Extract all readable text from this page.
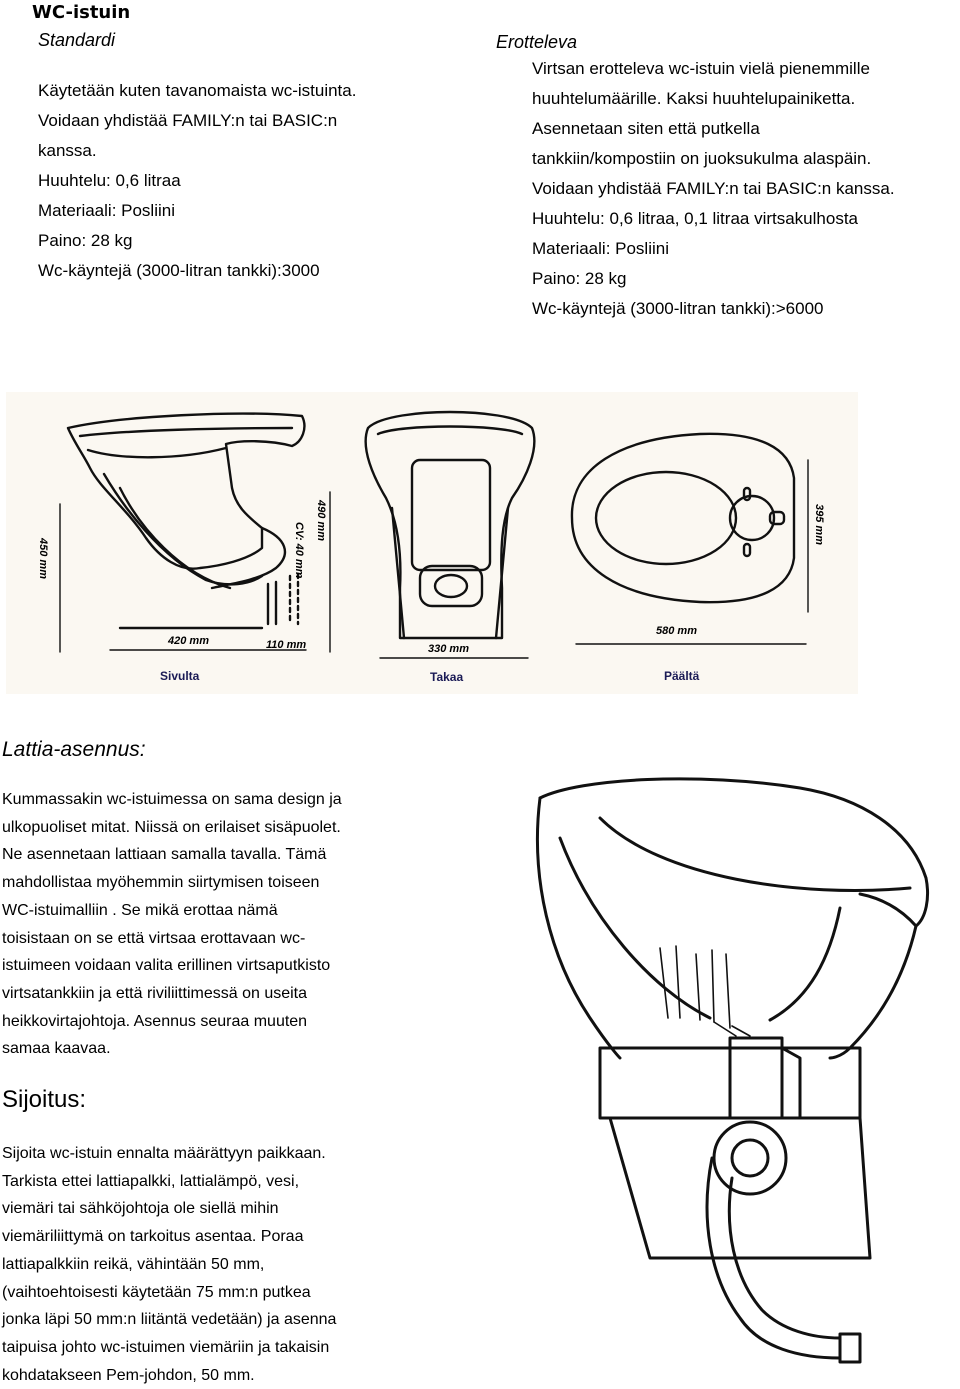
WC-istuin
Standardi
Käytetään kuten tavanomaista wc-istuinta.
Voidaan yhdistää FAMILY:n tai BASIC:n
kanssa.
Huuhtelu: 0,6 litraa
Materiaali: Posliini
Paino: 28 kg
Wc-käyntejä (3000-litran tankki):3000
Erotteleva
Virtsan erotteleva wc-istuin vielä pienemmille
huuhtelumäärille. Kaksi huuhtelupainiketta.
Asennetaan siten että putkella
tankkiin/kompostiin on juoksukulma alaspäin.
Voidaan yhdistää FAMILY:n tai BASIC:n kanssa.
Huuhtelu: 0,6 litraa, 0,1 litraa virtsakulhosta
Materiaali: Posliini
Paino: 28 kg
Wc-käyntejä (3000-litran tankki):>6000
450 mm
490 mm
CV: 40 mm
420 mm	110 mm	330 mm
580 mm
395 mm
Sivulta	Takaa	Päältä
Lattia-asennus:
Kummassakin wc-istuimessa on sama design ja
ulkopuoliset mitat. Niissä on erilaiset sisäpuolet.
Ne asennetaan lattiaan samalla tavalla. Tämä
mahdollistaa myöhemmin siirtymisen toiseen
WC-istuimalliin . Se mikä erottaa nämä
toisistaan on se että virtsaa erottavaan wc-
istuimeen voidaan valita erillinen virtsaputkisto
virtsatankkiin ja että riviliittimessä on useita
heikkovirtajohtoja. Asennus seuraa muuten
samaa kaavaa.
Sijoitus:
Sijoita wc-istuin ennalta määrättyyn paikkaan.
Tarkista ettei lattiapalkki, lattialämpö, vesi,
viemäri tai sähköjohtoja ole siellä mihin
viemäriliittymä on tarkoitus asentaa. Poraa
lattiapalkkiin reikä, vähintään 50 mm,
(vaihtoehtoisesti käytetään 75 mm:n putkea
jonka läpi 50 mm:n liitäntä vedetään) ja asenna
taipuisa johto wc-istuimen viemäriin ja takaisin
kohdatakseen Pem-johdon, 50 mm.
